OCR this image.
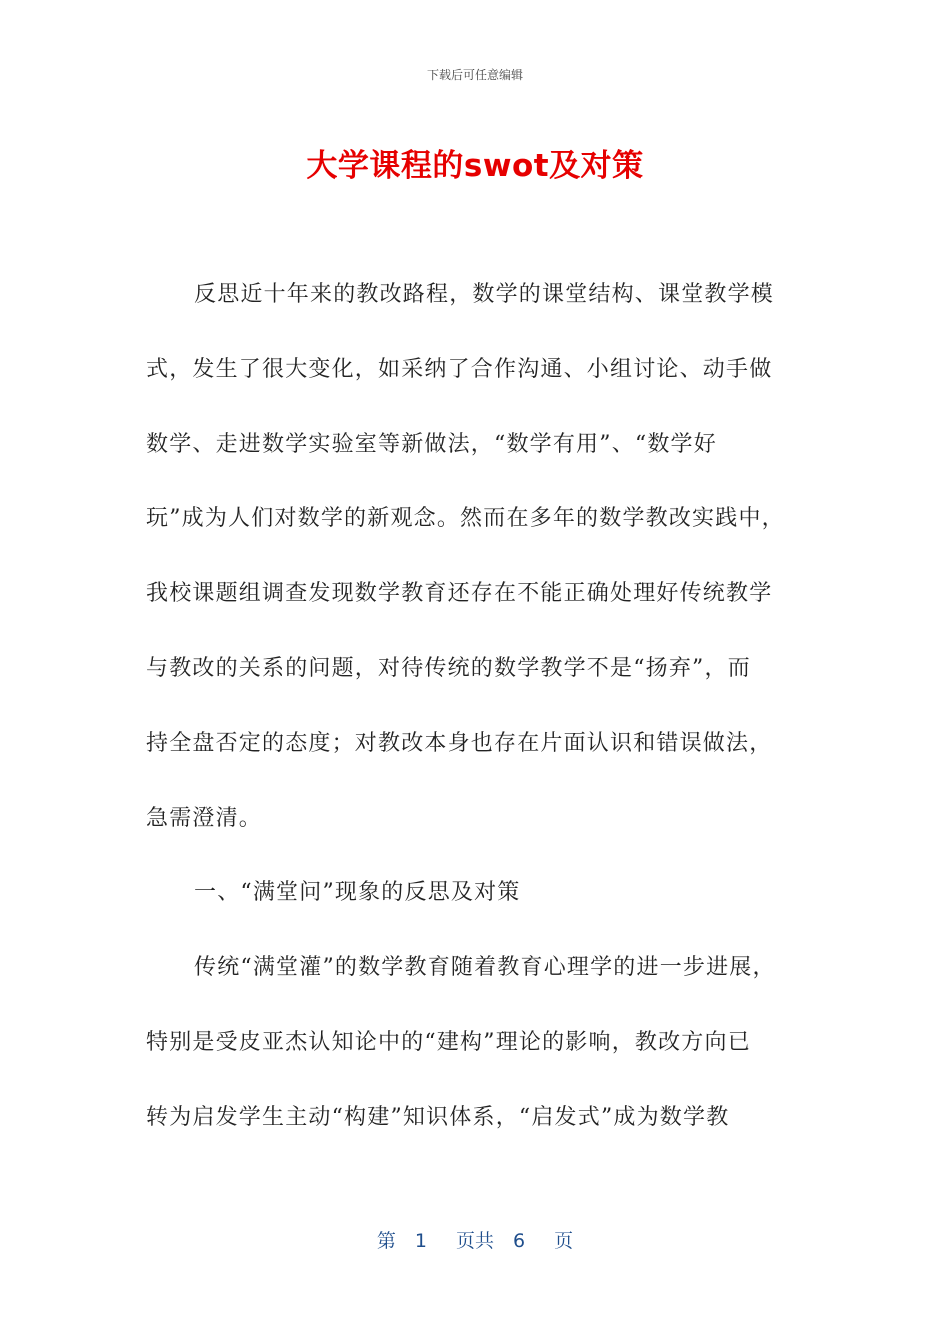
下载后可任意编辑
大学课程的swot及对策
反思近十年来的教改路程，数学的课堂结构、课堂教学模
式，发生了很大变化，如采纳了合作沟通、小组讨论、动手做
数学、走进数学实验室等新做法，“数学有用”、“数学好
玩”成为人们对数学的新观念。然而在多年的数学教改实践中，
我校课题组调查发现数学教育还存在不能正确处理好传统教学
与教改的关系的问题，对待传统的数学教学不是“扬弃”，而
持全盘否定的态度；对教改本身也存在片面认识和错误做法，
急需澄清。
一、“满堂问”现象的反思及对策
传统“满堂灌”的数学教育随着教育心理学的进一步进展，
特别是受皮亚杰认知论中的“建构”理论的影响，教改方向已
转为启发学生主动“构建”知识体系，“启发式”成为数学教
第　1　 页共　6　 页
